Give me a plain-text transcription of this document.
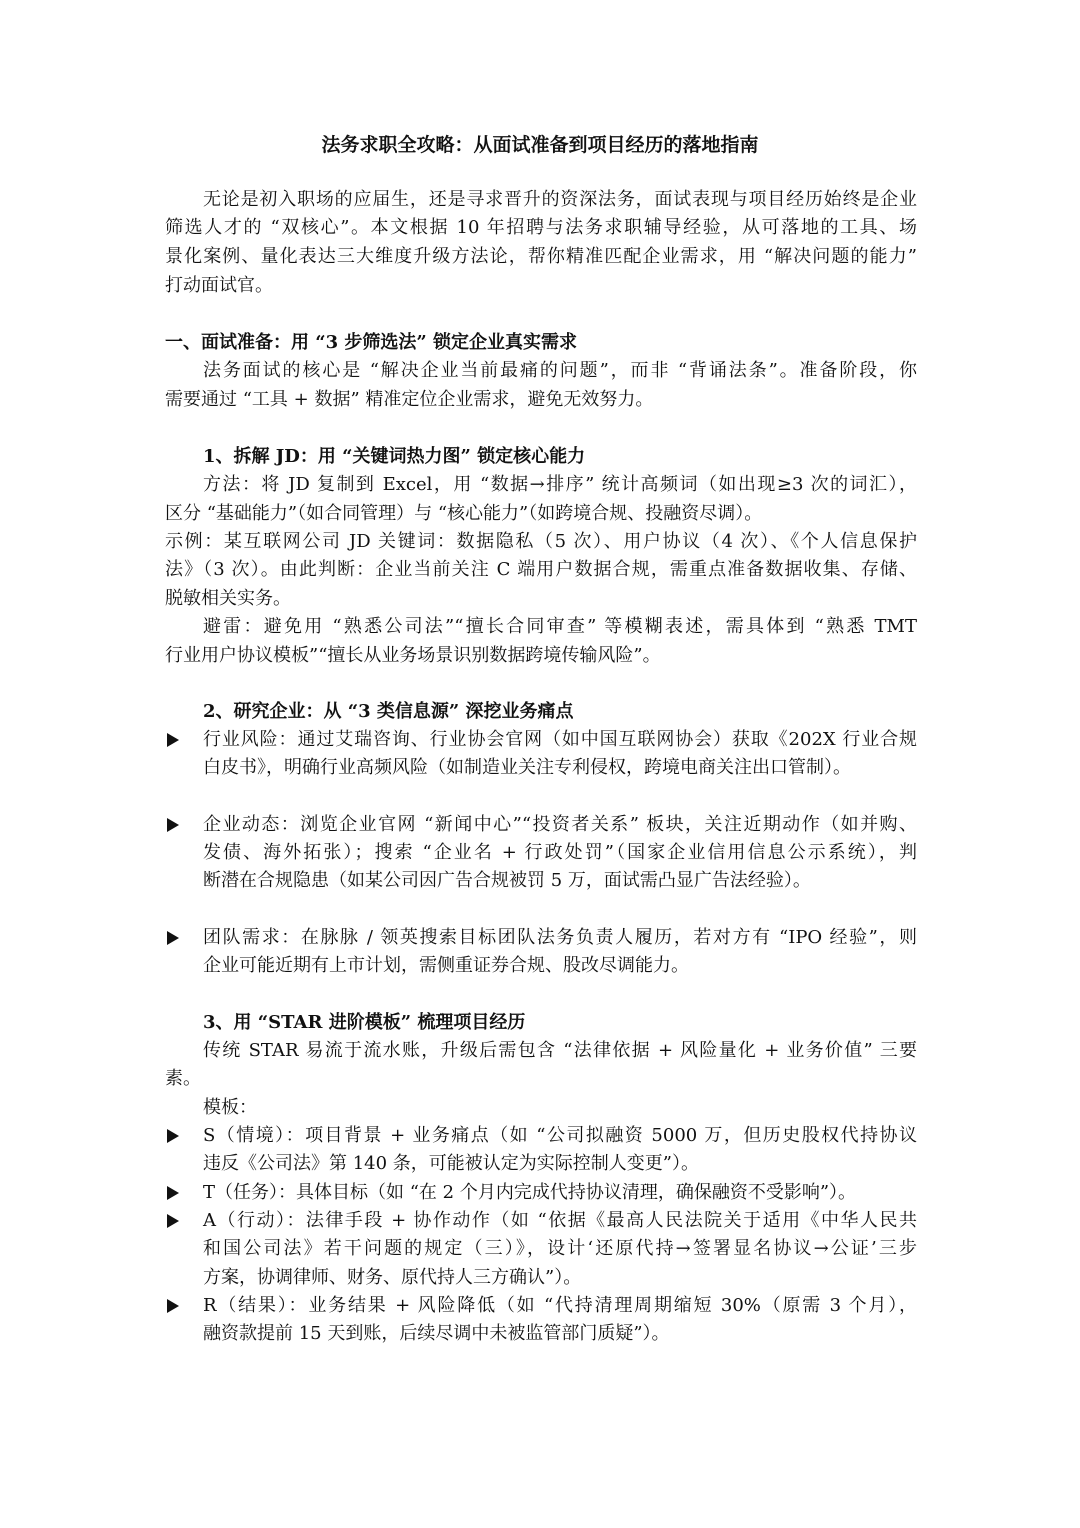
法务求职全攻略：从面试准备到项目经历的落地指南
无论是初入职场的应届生，还是寻求晋升的资深法务，面试表现与项目经历始终是企业
筛选人才的 “双核心”。本文根据 10 年招聘与法务求职辅导经验，从可落地的工具、场
景化案例、量化表达三大维度升级方法论，帮你精准匹配企业需求，用 “解决问题的能力”
打动面试官。
一、面试准备：用 “3 步筛选法” 锁定企业真实需求
法务面试的核心是 “解决企业当前最痛的问题”，而非 “背诵法条”。准备阶段，你
需要通过 “工具 + 数据” 精准定位企业需求，避免无效努力。
1、拆解 JD：用 “关键词热力图” 锁定核心能力
方法：将 JD 复制到 Excel，用 “数据→排序” 统计高频词（如出现≥3 次的词汇），
区分 “基础能力”（如合同管理）与 “核心能力”（如跨境合规、投融资尽调）。
示例：某互联网公司 JD 关键词：数据隐私（5 次）、用户协议（4 次）、《个人信息保护
法》（3 次）。由此判断：企业当前关注 C 端用户数据合规，需重点准备数据收集、存储、
脱敏相关实务。
避雷：避免用 “熟悉公司法”“擅长合同审查” 等模糊表述，需具体到 “熟悉 TMT
行业用户协议模板”“擅长从业务场景识别数据跨境传输风险”。
2、研究企业：从 “3 类信息源” 深挖业务痛点
行业风险：通过艾瑞咨询、行业协会官网（如中国互联网协会）获取《202X 行业合规
白皮书》，明确行业高频风险（如制造业关注专利侵权，跨境电商关注出口管制）。
企业动态：浏览企业官网 “新闻中心”“投资者关系” 板块，关注近期动作（如并购、
发债、海外拓张）；搜索 “企业名 + 行政处罚”（国家企业信用信息公示系统），判
断潜在合规隐患（如某公司因广告合规被罚 5 万，面试需凸显广告法经验）。
团队需求：在脉脉 / 领英搜索目标团队法务负责人履历，若对方有 “IPO 经验”，则
企业可能近期有上市计划，需侧重证券合规、股改尽调能力。
3、用 “STAR 进阶模板” 梳理项目经历
传统 STAR 易流于流水账，升级后需包含 “法律依据 + 风险量化 + 业务价值” 三要
素。
模板：
S（情境）：项目背景 + 业务痛点（如 “公司拟融资 5000 万，但历史股权代持协议
违反《公司法》第 140 条，可能被认定为实际控制人变更”）。
T（任务）：具体目标（如 “在 2 个月内完成代持协议清理，确保融资不受影响”）。
A（行动）：法律手段 + 协作动作（如 “依据《最高人民法院关于适用《中华人民共
和国公司法》若干问题的规定（三）》，设计‘还原代持→签署显名协议→公证’三步
方案，协调律师、财务、原代持人三方确认”）。
R（结果）：业务结果 + 风险降低（如 “代持清理周期缩短 30%（原需 3 个月），
融资款提前 15 天到账，后续尽调中未被监管部门质疑”）。
